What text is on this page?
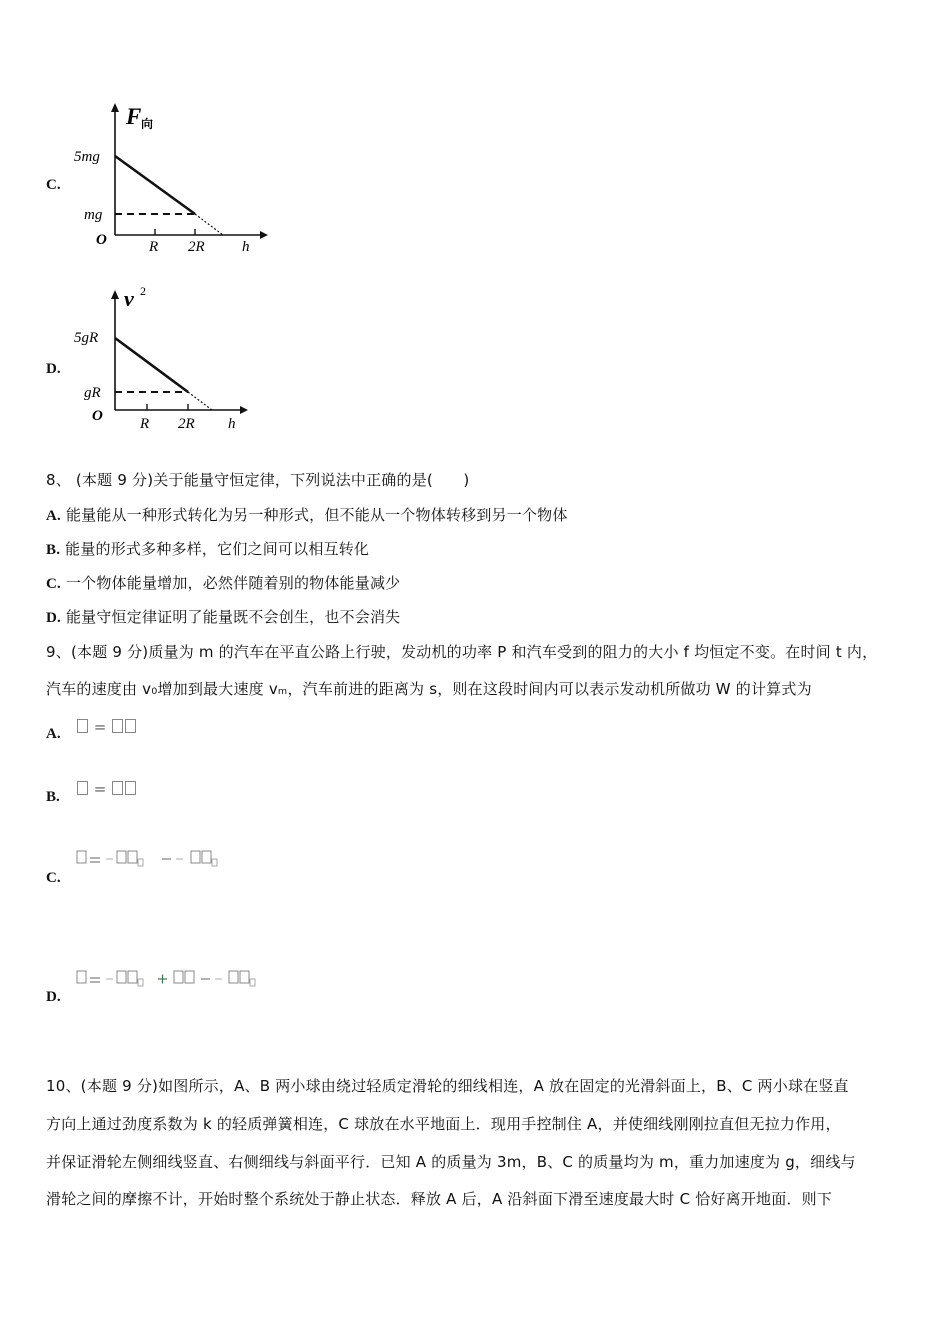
C.
F 向
5mg
mg
O	R 2R h
D.
v 2
5gR
gR
O R 2R h
8、 (本题 9 分)关于能量守恒定律，下列说法中正确的是(　　)
A. 能量能从一种形式转化为另一种形式，但不能从一个物体转移到另一个物体
B. 能量的形式多种多样，它们之间可以相互转化
C. 一个物体能量增加，必然伴随着别的物体能量减少
D. 能量守恒定律证明了能量既不会创生，也不会消失
9、(本题 9 分)质量为 m 的汽车在平直公路上行驶，发动机的功率 P 和汽车受到的阻力的大小 f 均恒定不变。在时间 t 内，
汽车的速度由 v₀增加到最大速度 vₘ，汽车前进的距离为 s，则在这段时间内可以表示发动机所做功 W 的计算式为
A.	=
B.	=
C.
D.
10、(本题 9 分)如图所示，A、B 两小球由绕过轻质定滑轮的细线相连，A 放在固定的光滑斜面上，B、C 两小球在竖直
方向上通过劲度系数为 k 的轻质弹簧相连，C 球放在水平地面上．现用手控制住 A，并使细线刚刚拉直但无拉力作用，
并保证滑轮左侧细线竖直、右侧细线与斜面平行．已知 A 的质量为 3m，B、C 的质量均为 m，重力加速度为 g，细线与
滑轮之间的摩擦不计，开始时整个系统处于静止状态．释放 A 后，A 沿斜面下滑至速度最大时 C 恰好离开地面．则下
